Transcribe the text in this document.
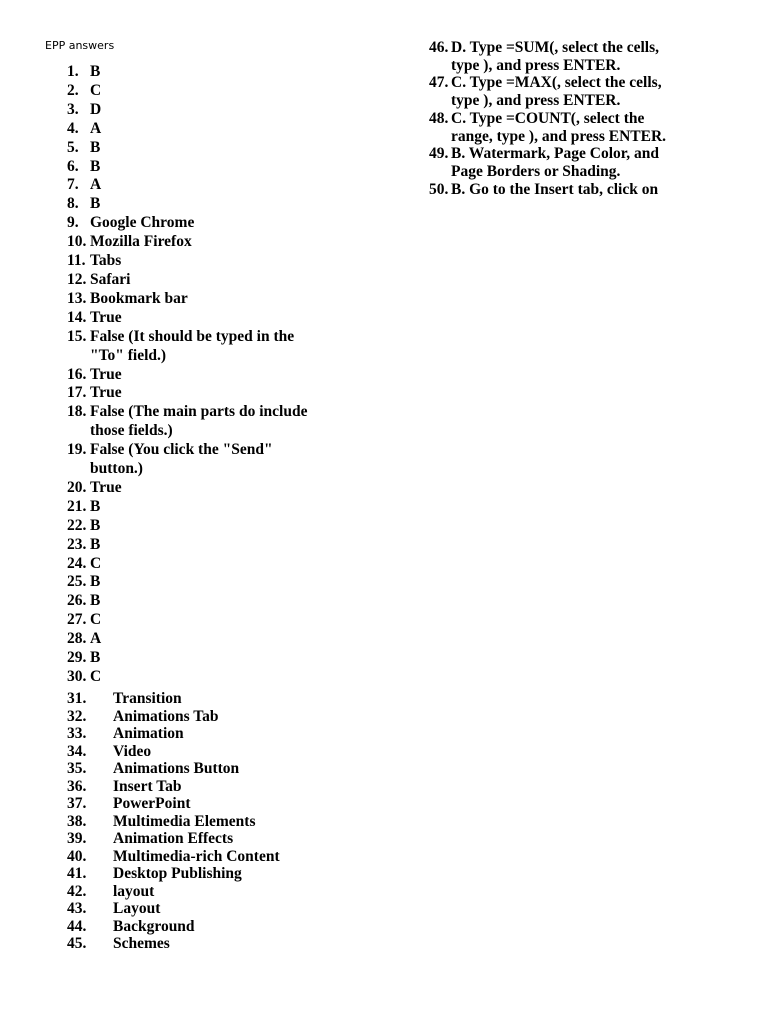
EPP answers
1. B
2. C
3. D
4. A
5. B
6. B
7. A
8. B
9. Google Chrome
10. Mozilla Firefox
11. Tabs
12. Safari
13. Bookmark bar
14. True
15. False (It should be typed in the
"To" field.)
16. True
17. True
18. False (The main parts do include
those fields.)
19. False (You click the "Send"
button.)
20. True
21. B
22. B
23. B
24. C
25. B
26. B
27. C
28. A
29. B
30. C
31.	Transition
32.	Animations Tab
33.	Animation
34.	Video
35.	Animations Button
36.	Insert Tab
37.	PowerPoint
38.	Multimedia Elements
39.	Animation Effects
40.	Multimedia-rich Content
41.	Desktop Publishing
42.	layout
43.	Layout
44.	Background
45.	Schemes
46. D. Type =SUM(, select the cells,
type ), and press ENTER.
47. C. Type =MAX(, select the cells,
type ), and press ENTER.
48. C. Type =COUNT(, select the
range, type ), and press ENTER.
49. B. Watermark, Page Color, and
Page Borders or Shading.
50. B. Go to the Insert tab, click on
